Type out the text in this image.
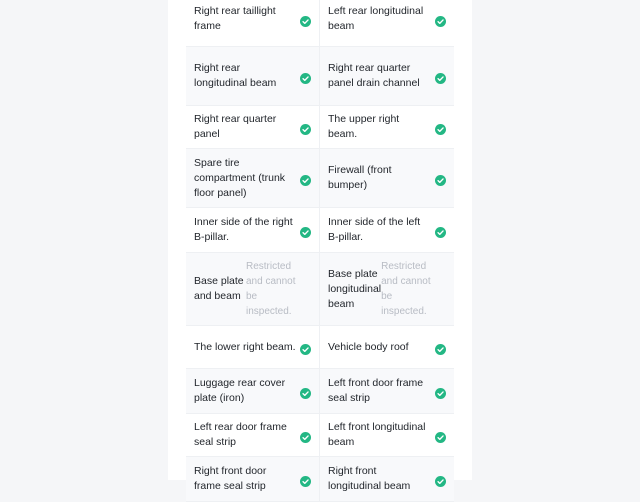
Right rear taillight frame
Left rear longitudinal beam
Right rear longitudinal beam
Right rear quarter panel drain channel
Right rear quarter panel
The upper right beam.
Spare tire compartment (trunk floor panel)
Firewall (front bumper)
Inner side of the right B-pillar.
Inner side of the left B-pillar.
Base plate and beam
Restricted and cannot be inspected.
Base plate longitudinal beam
Restricted and cannot be inspected.
The lower right beam.	Vehicle body roof
Luggage rear cover plate (iron)
Left front door frame seal strip
Left rear door frame seal strip
Left front longitudinal beam
Right front door frame seal strip
Right front longitudinal beam
